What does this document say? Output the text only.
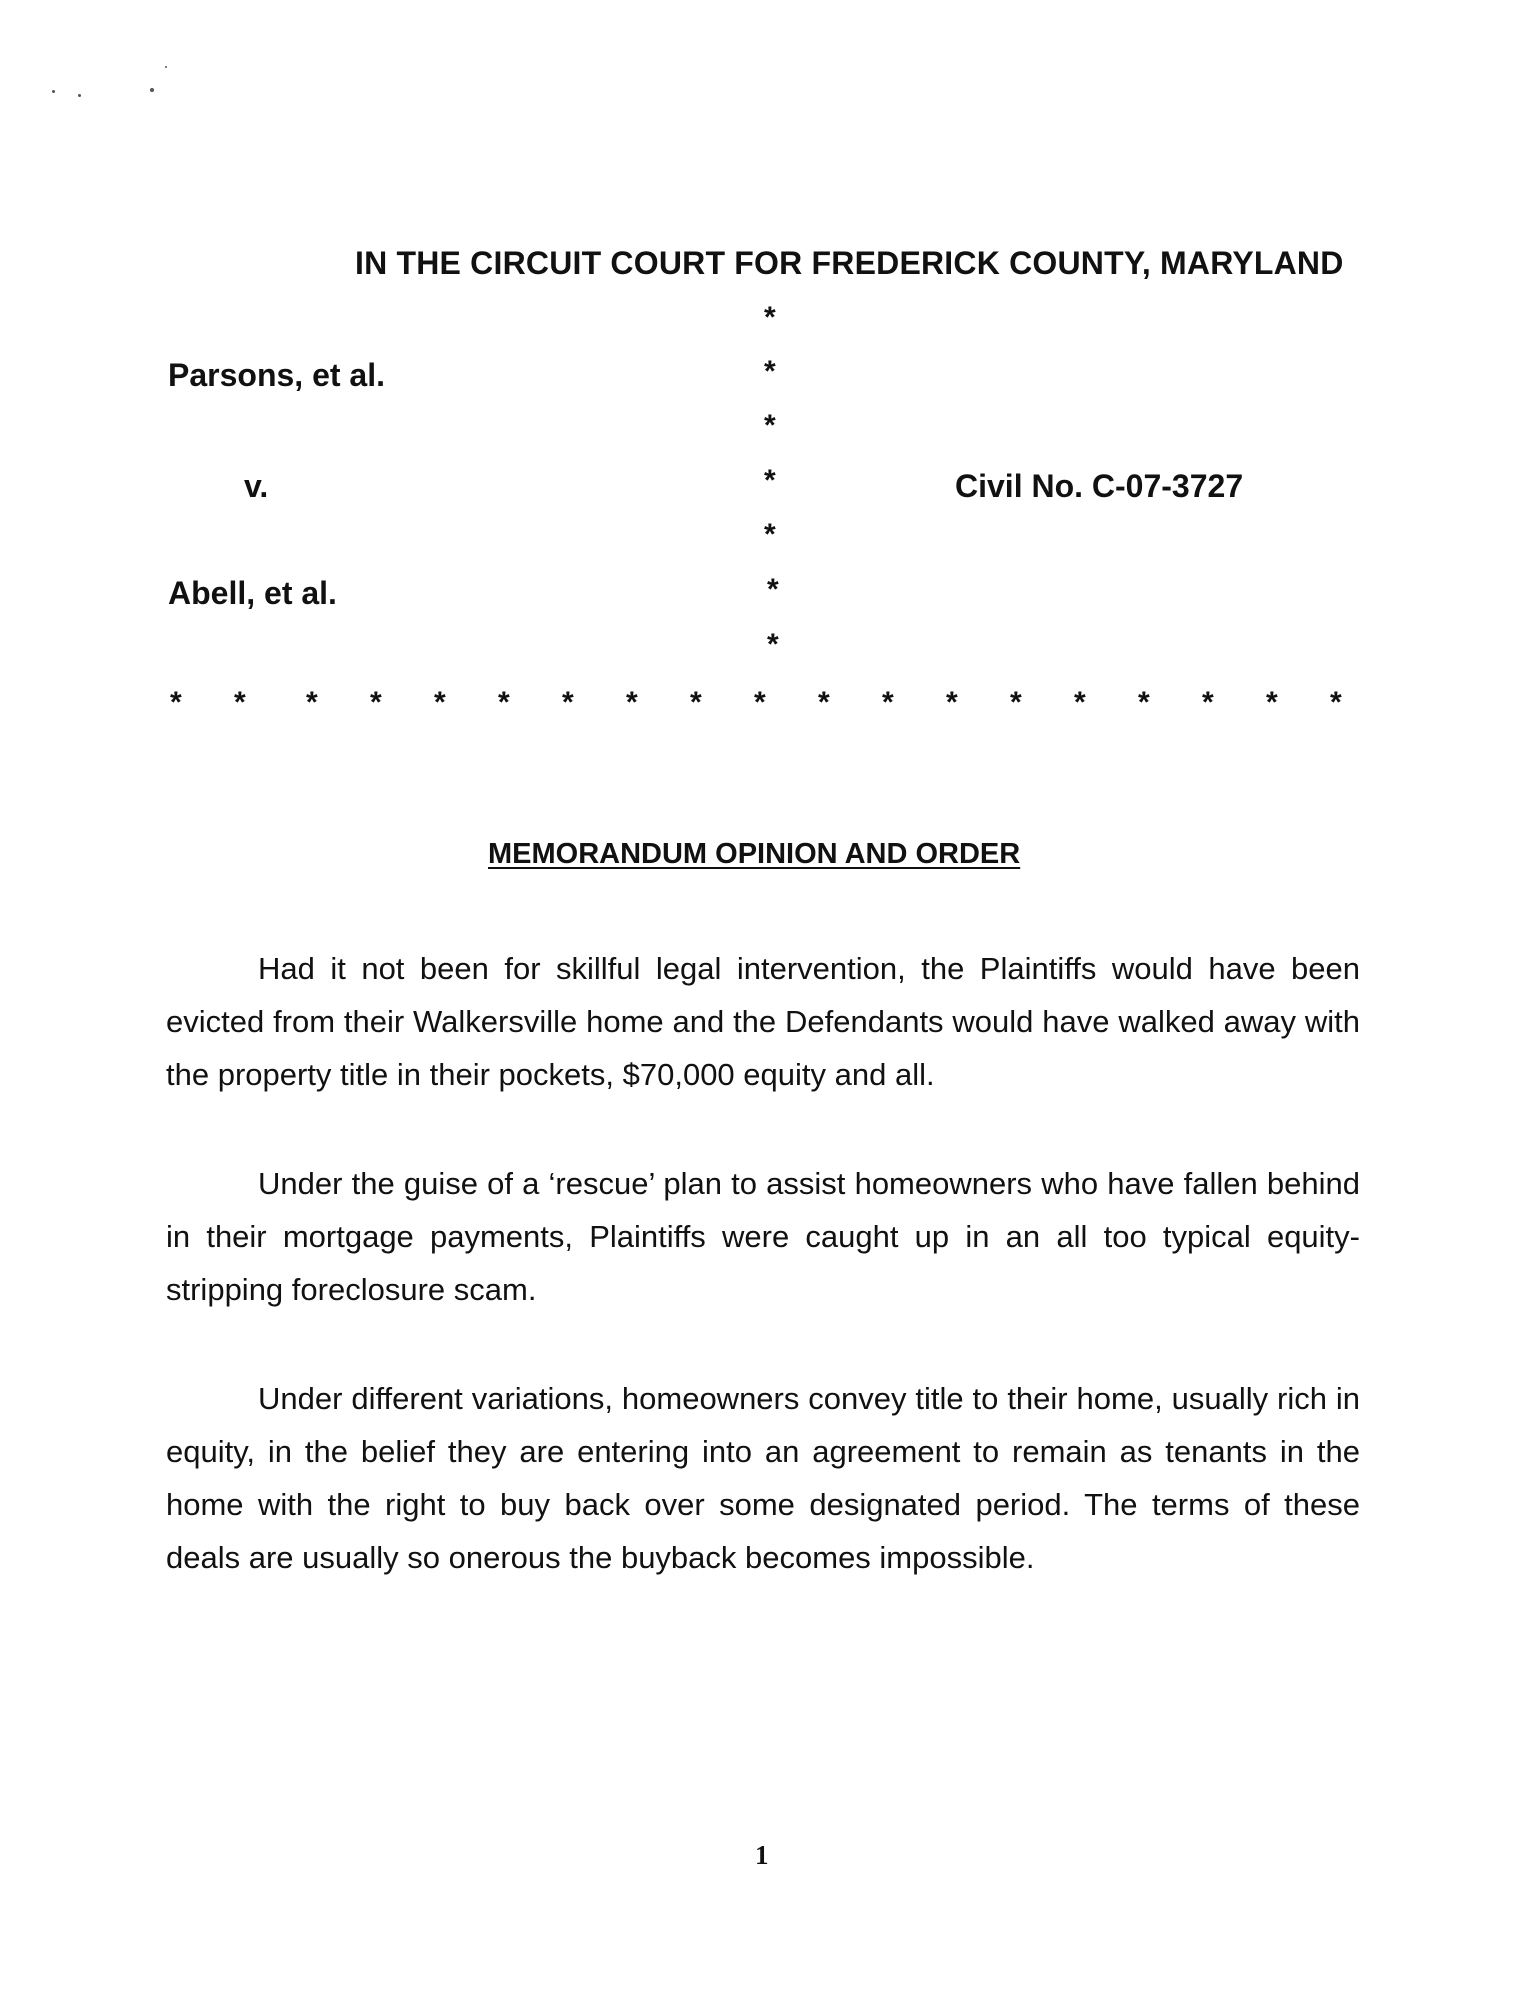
IN THE CIRCUIT COURT FOR FREDERICK COUNTY, MARYLAND
Parsons, et al.
v.
Abell, et al.
Civil No. C-07-3727
*
*
*
*
*
*
*
* * * * * * * * * * * * * * * * * * *
MEMORANDUM OPINION AND ORDER

Had it not been for skillful legal intervention, the Plaintiffs would have been evicted from their Walkersville home and the Defendants would have walked away with the property title in their pockets, $70,000 equity and all.

Under the guise of a ‘rescue’ plan to assist homeowners who have fallen behind in their mortgage payments, Plaintiffs were caught up in an all too typical equity-stripping foreclosure scam.

Under different variations, homeowners convey title to their home, usually rich in equity, in the belief they are entering into an agreement to remain as tenants in the home with the right to buy back over some designated period. The terms of these deals are usually so onerous the buyback becomes impossible.

1
